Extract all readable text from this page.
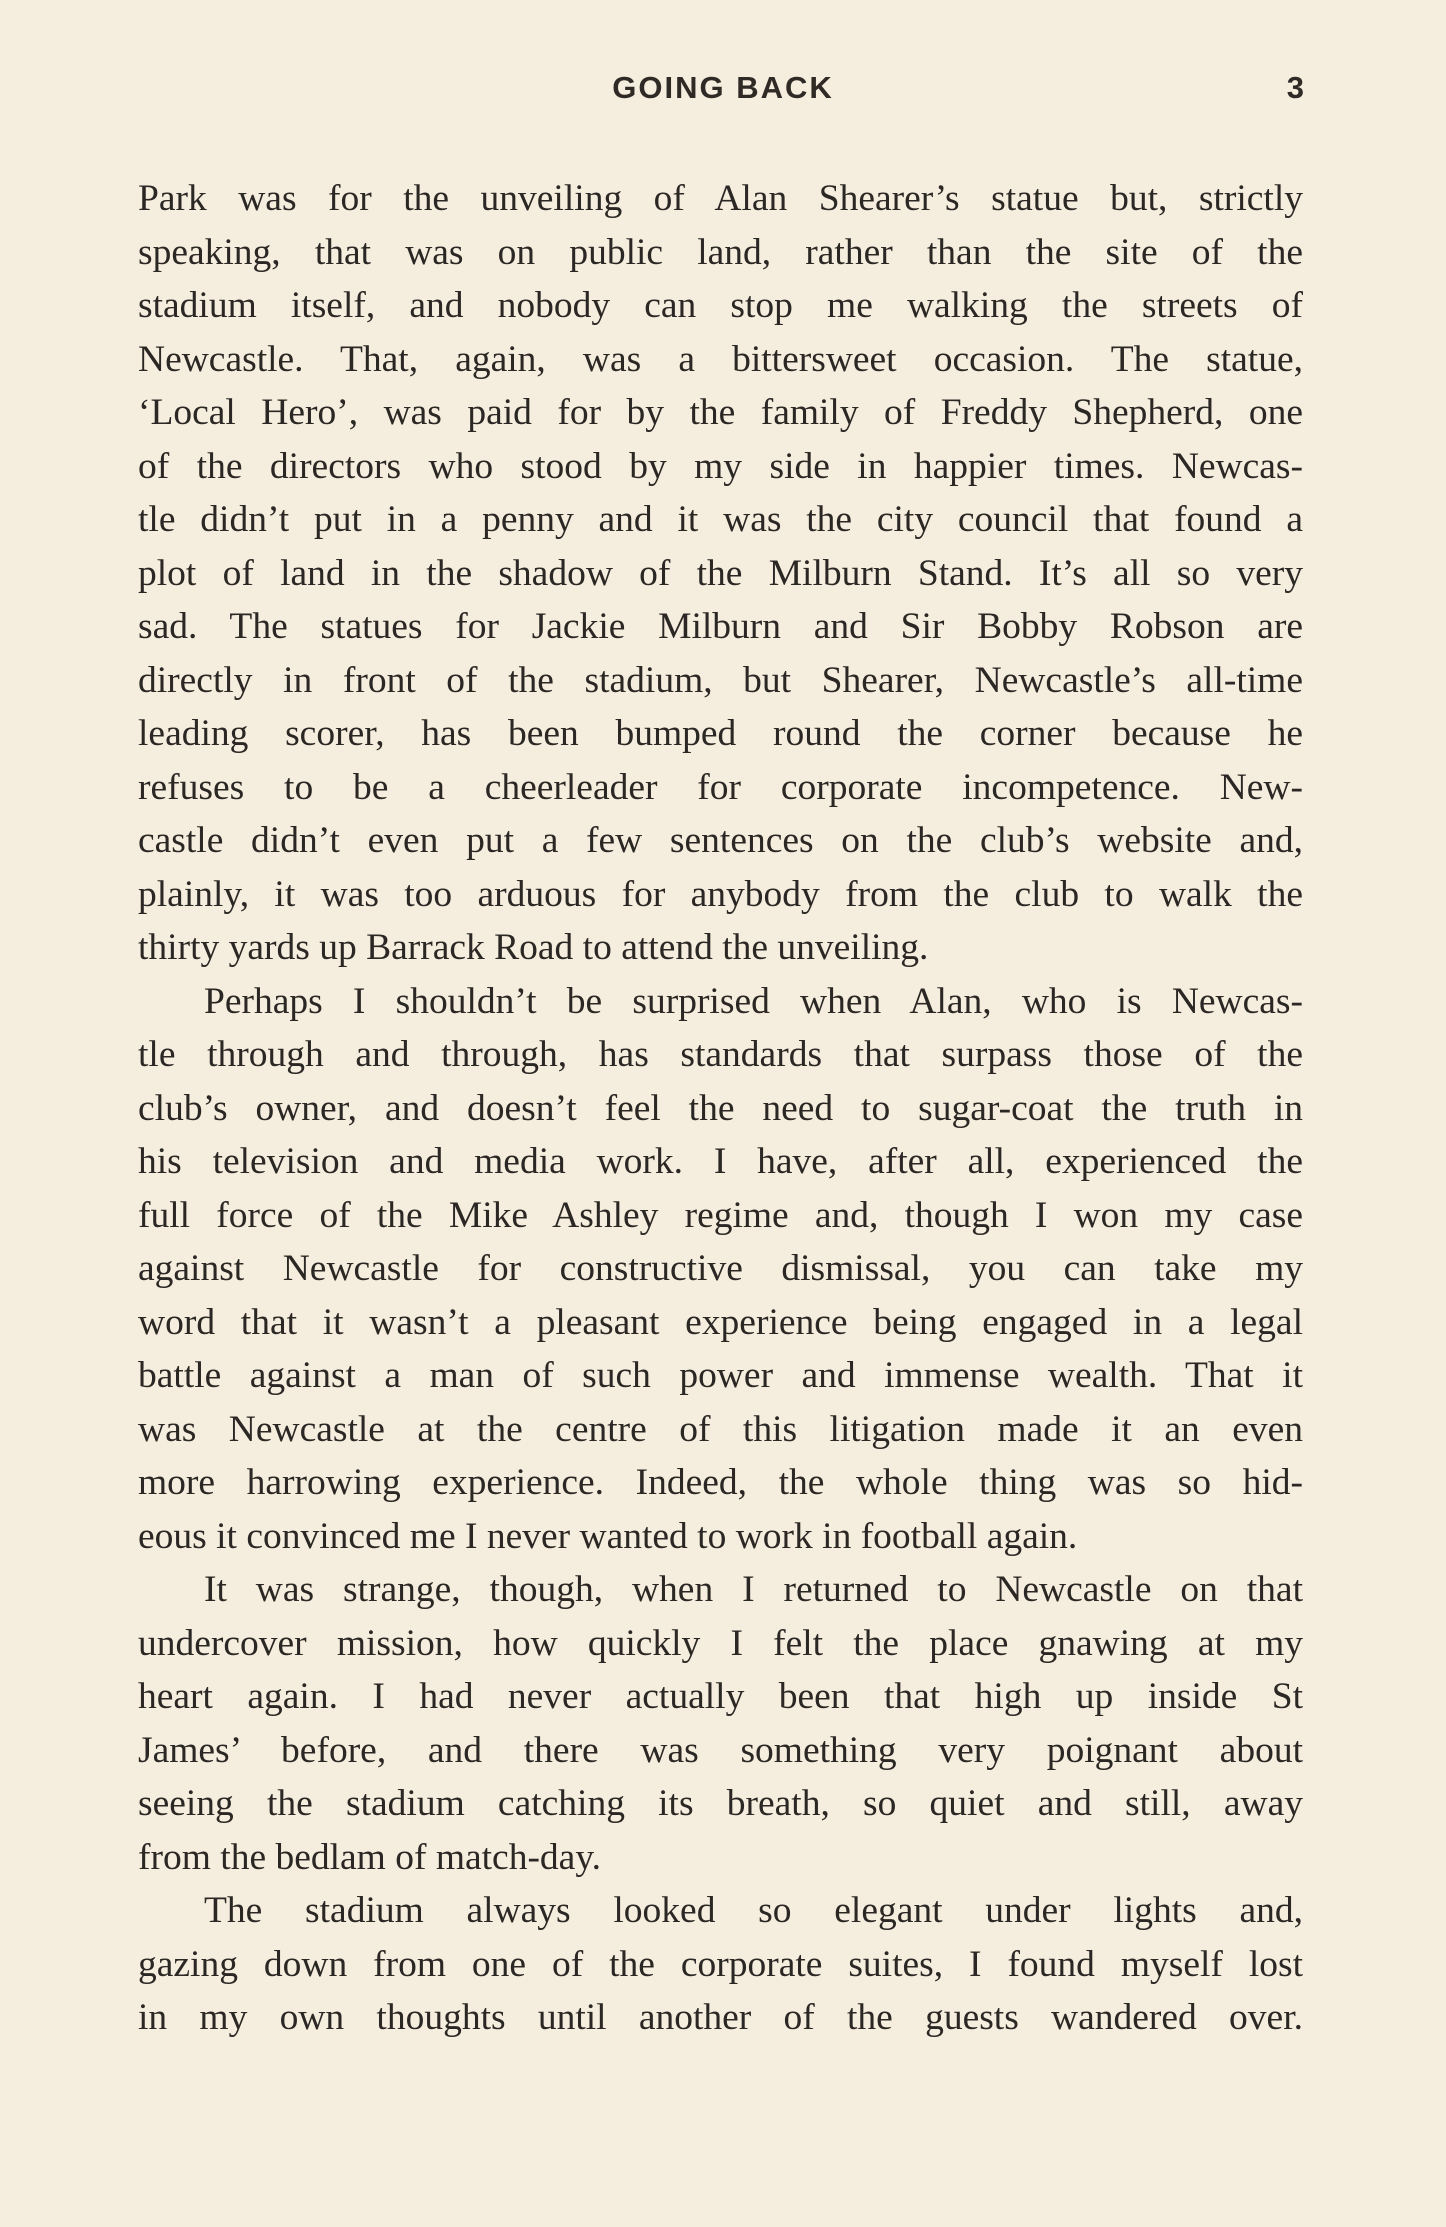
GOING BACK	3
Park was for the unveiling of Alan Shearer’s statue but, strictly
speaking, that was on public land, rather than the site of the
stadium itself, and nobody can stop me walking the streets of
Newcastle. That, again, was a bittersweet occasion. The statue,
‘Local Hero’, was paid for by the family of Freddy Shepherd, one
of the directors who stood by my side in happier times. Newcas-
tle didn’t put in a penny and it was the city council that found a
plot of land in the shadow of the Milburn Stand. It’s all so very
sad. The statues for Jackie Milburn and Sir Bobby Robson are
directly in front of the stadium, but Shearer, Newcastle’s all-time
leading scorer, has been bumped round the corner because he
refuses to be a cheerleader for corporate incompetence. New-
castle didn’t even put a few sentences on the club’s website and,
plainly, it was too arduous for anybody from the club to walk the
thirty yards up Barrack Road to attend the unveiling.
Perhaps I shouldn’t be surprised when Alan, who is Newcas-
tle through and through, has standards that surpass those of the
club’s owner, and doesn’t feel the need to sugar-coat the truth in
his television and media work. I have, after all, experienced the
full force of the Mike Ashley regime and, though I won my case
against Newcastle for constructive dismissal, you can take my
word that it wasn’t a pleasant experience being engaged in a legal
battle against a man of such power and immense wealth. That it
was Newcastle at the centre of this litigation made it an even
more harrowing experience. Indeed, the whole thing was so hid-
eous it convinced me I never wanted to work in football again.
It was strange, though, when I returned to Newcastle on that
undercover mission, how quickly I felt the place gnawing at my
heart again. I had never actually been that high up inside St
James’ before, and there was something very poignant about
seeing the stadium catching its breath, so quiet and still, away
from the bedlam of match-day.
The stadium always looked so elegant under lights and,
gazing down from one of the corporate suites, I found myself lost
in my own thoughts until another of the guests wandered over.
